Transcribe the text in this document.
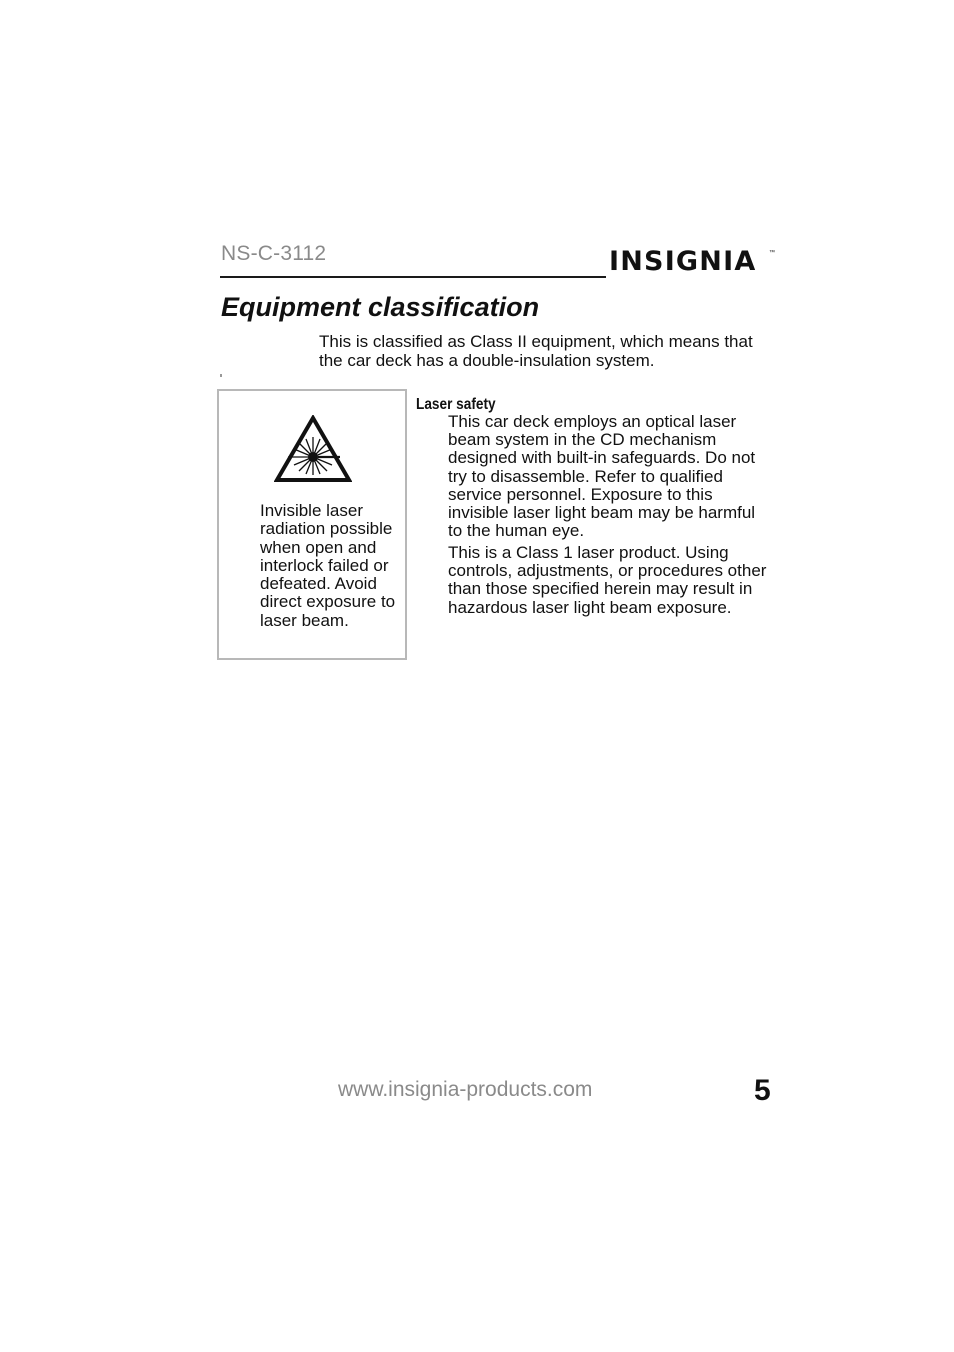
NS-C-3112	INSIGNIA ™
Equipment classification
This is classified as Class II equipment, which means that the car deck has a double-insulation system.
Invisible laser radiation possible when open and interlock failed or defeated. Avoid direct exposure to laser beam.
Laser safety

This car deck employs an optical laser beam system in the CD mechanism designed with built-in safeguards. Do not try to disassemble. Refer to qualified service personnel. Exposure to this invisible laser light beam may be harmful to the human eye.

This is a Class 1 laser product. Using controls, adjustments, or procedures other than those specified herein may result in hazardous laser light beam exposure.

www.insignia-products.com	5
